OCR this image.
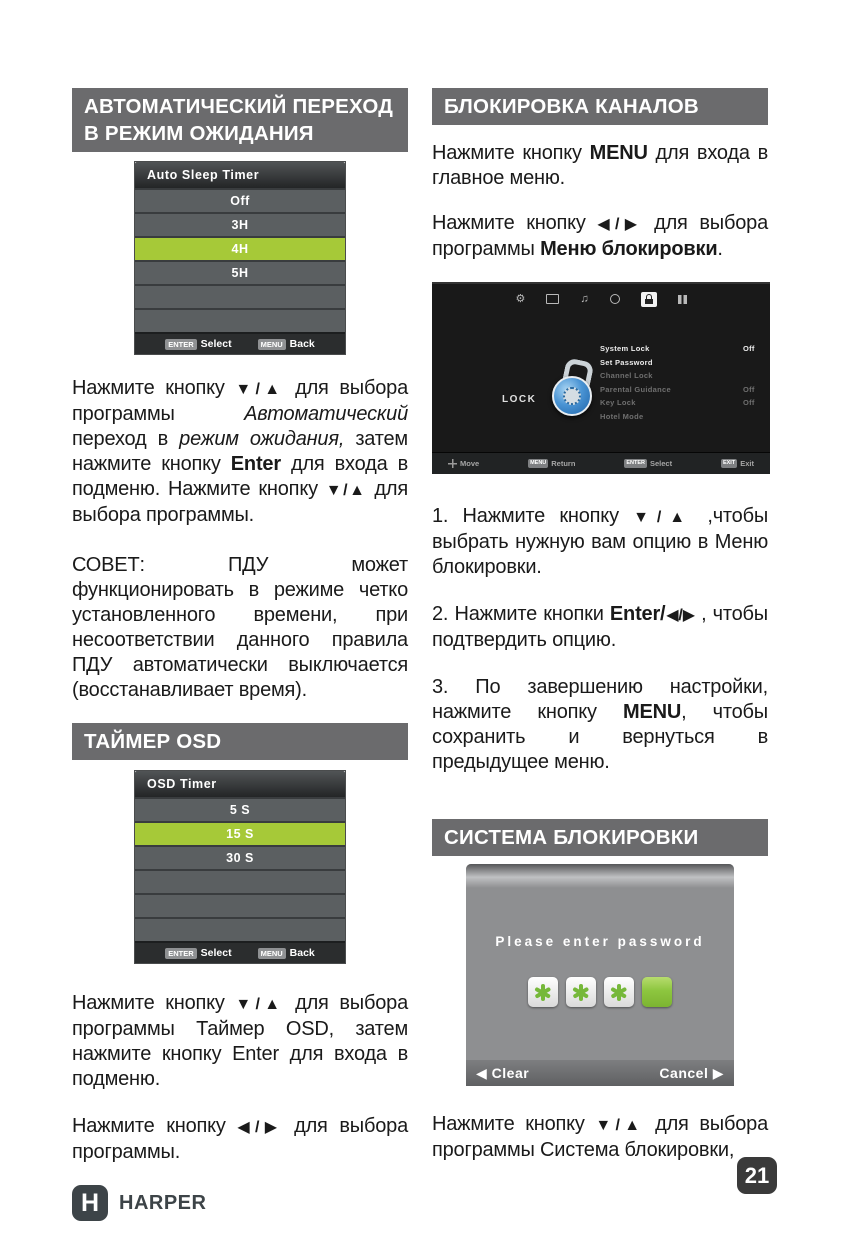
АВТОМАТИЧЕСКИЙ ПЕРЕХОД В РЕЖИМ ОЖИДАНИЯ
Auto Sleep Timer
Off
3H
4H
5H
ENTER Select	MENU Back

Нажмите кнопку ▼/▲ для выбора программы Автоматический переход в режим ожидания, затем нажмите кнопку Enter для входа в подменю. Нажмите кнопку ▼/▲ для выбора программы.

СОВЕТ: ПДУ может функционировать в режиме четко установленного времени, при несоответствии данного правила ПДУ автоматически выключается (восстанавливает время).

ТАЙМЕР OSD
OSD Timer
5 S
15 S
30 S
ENTER Select	MENU Back

Нажмите кнопку ▼/▲ для выбора программы Таймер OSD, затем нажмите кнопку Enter для входа в подменю.

Нажмите кнопку ◀/▶ для выбора программы.

H HARPER
БЛОКИРОВКА КАНАЛОВ

Нажмите кнопку MENU для входа в главное меню.

Нажмите кнопку ◀/▶ для выбора программы Меню блокировки.

⚙	♫
LOCK
System Lock	Off
Set Password
Channel Lock
Parental Guidance	Off
Key Lock	Off
Hotel Mode
Move	MENU Return	ENTER Select	EXIT Exit

1. Нажмите кнопку ▼/▲ ,чтобы выбрать нужную вам опцию в Меню блокировки.

2. Нажмите кнопки Enter/◀/▶ , чтобы подтвердить опцию.

3. По завершению настройки, нажмите кнопку MENU, чтобы сохранить и вернуться в предыдущее меню.

СИСТЕМА БЛОКИРОВКИ
Please enter password
◀ Clear	Cancel ▶

Нажмите кнопку ▼/▲ для выбора программы Система блокировки,

21
